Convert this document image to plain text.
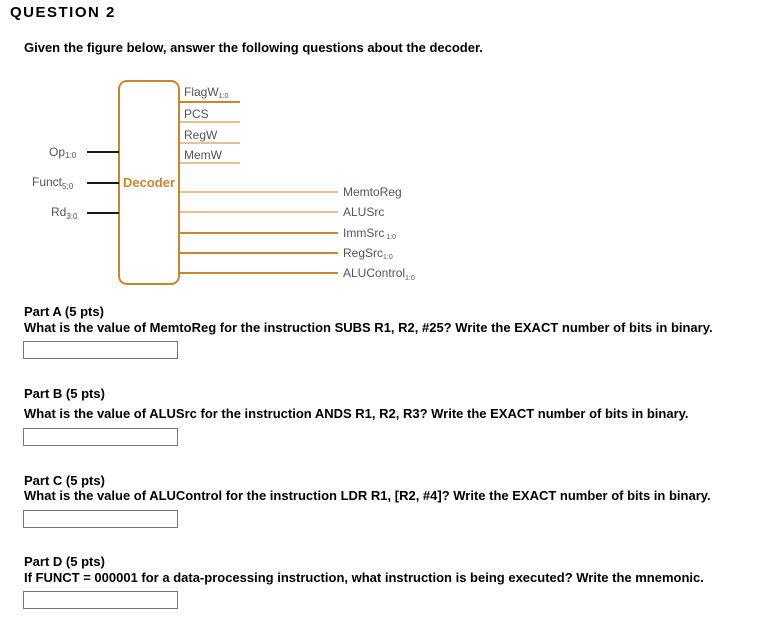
QUESTION 2
Given the figure below, answer the following questions about the decoder.
Decoder
Op1:0
Funct$_{5:0}$
$Rd_{3:0}$
FlagW1:0
PCS
RegW
MemW
MemtoReg
ALUSrc
ImmSrc 1:0
RegSrc1:0
ALUControl$_{1:0}$
Part A (5 pts)
What is the value of MemtoReg for the instruction SUBS R1, R2, #25? Write the EXACT number of bits in binary.
Part B (5 pts)
What is the value of ALUSrc for the instruction ANDS R1, R2, R3? Write the EXACT number of bits in binary.
Part C (5 pts)
What is the value of ALUControl for the instruction LDR R1, [R2, #4]? Write the EXACT number of bits in binary.
Part D (5 pts)
If FUNCT = 000001 for a data-processing instruction, what instruction is being executed? Write the mnemonic.
